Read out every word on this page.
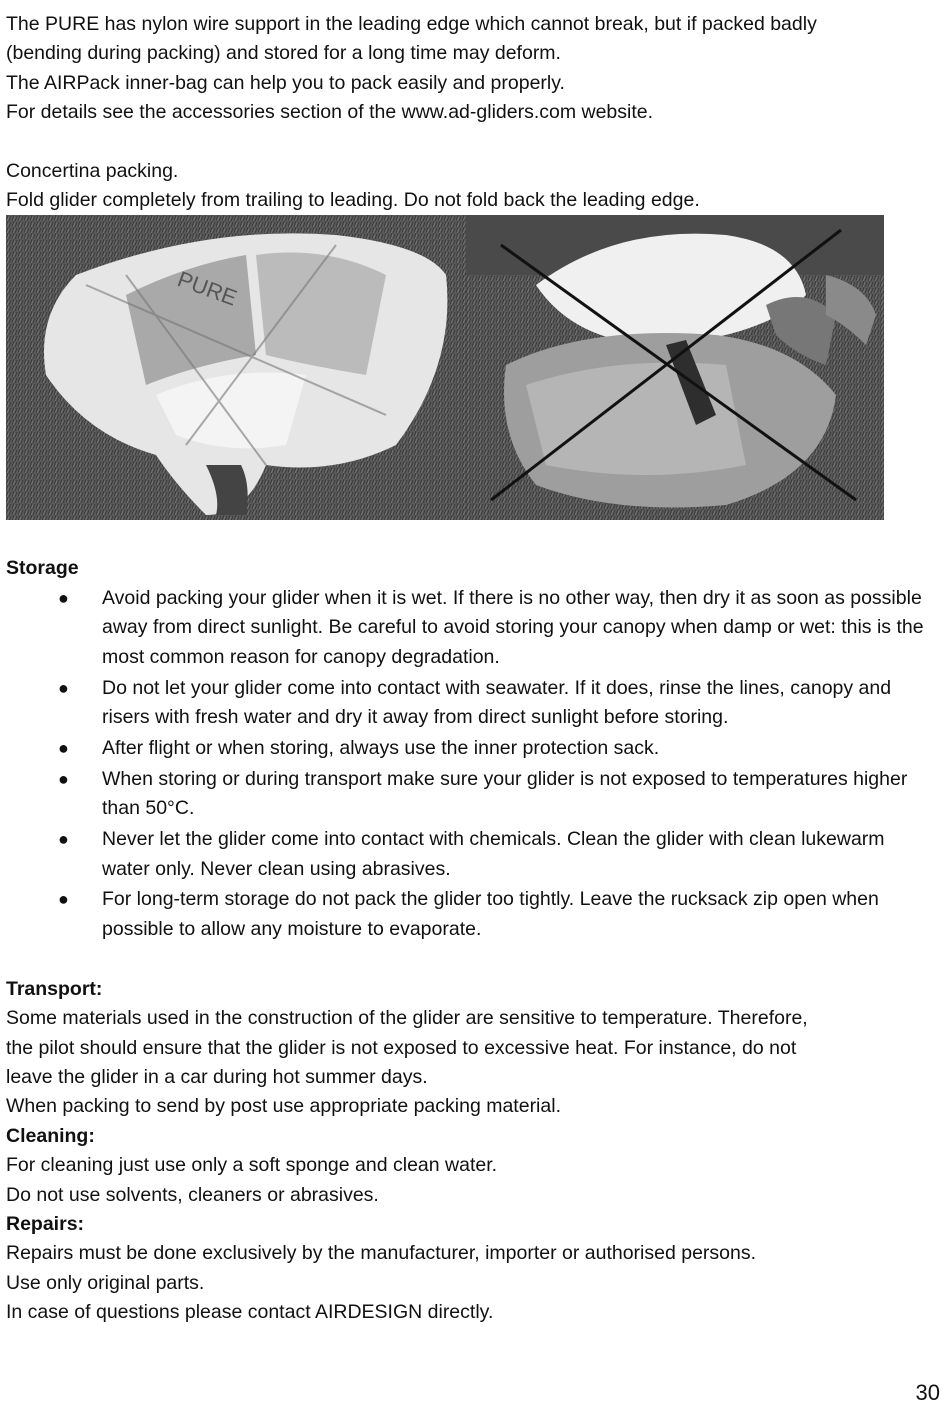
The PURE has nylon wire support in the leading edge which cannot break, but if packed badly

(bending during packing) and stored for a long time may deform.

The AIRPack inner-bag can help you to pack easily and properly.

For details see the accessories section of the www.ad-gliders.com website.

Concertina packing.

Fold glider completely from trailing to leading. Do not fold back the leading edge.

PURE

Storage

● Avoid packing your glider when it is wet. If there is no other way, then dry it as soon as possible away from direct sunlight. Be careful to avoid storing your canopy when damp or wet: this is the most common reason for canopy degradation.
● Do not let your glider come into contact with seawater. If it does, rinse the lines, canopy and risers with fresh water and dry it away from direct sunlight before storing.
● After flight or when storing, always use the inner protection sack.
● When storing or during transport make sure your glider is not exposed to temperatures higher than 50°C.
● Never let the glider come into contact with chemicals. Clean the glider with clean lukewarm water only. Never clean using abrasives.
● For long-term storage do not pack the glider too tightly. Leave the rucksack zip open when possible to allow any moisture to evaporate.

Transport:

Some materials used in the construction of the glider are sensitive to temperature. Therefore,

the pilot should ensure that the glider is not exposed to excessive heat. For instance, do not

leave the glider in a car during hot summer days.

When packing to send by post use appropriate packing material.

Cleaning:

For cleaning just use only a soft sponge and clean water.

Do not use solvents, cleaners or abrasives.

Repairs:

Repairs must be done exclusively by the manufacturer, importer or authorised persons.

Use only original parts.

In case of questions please contact AIRDESIGN directly.

30
